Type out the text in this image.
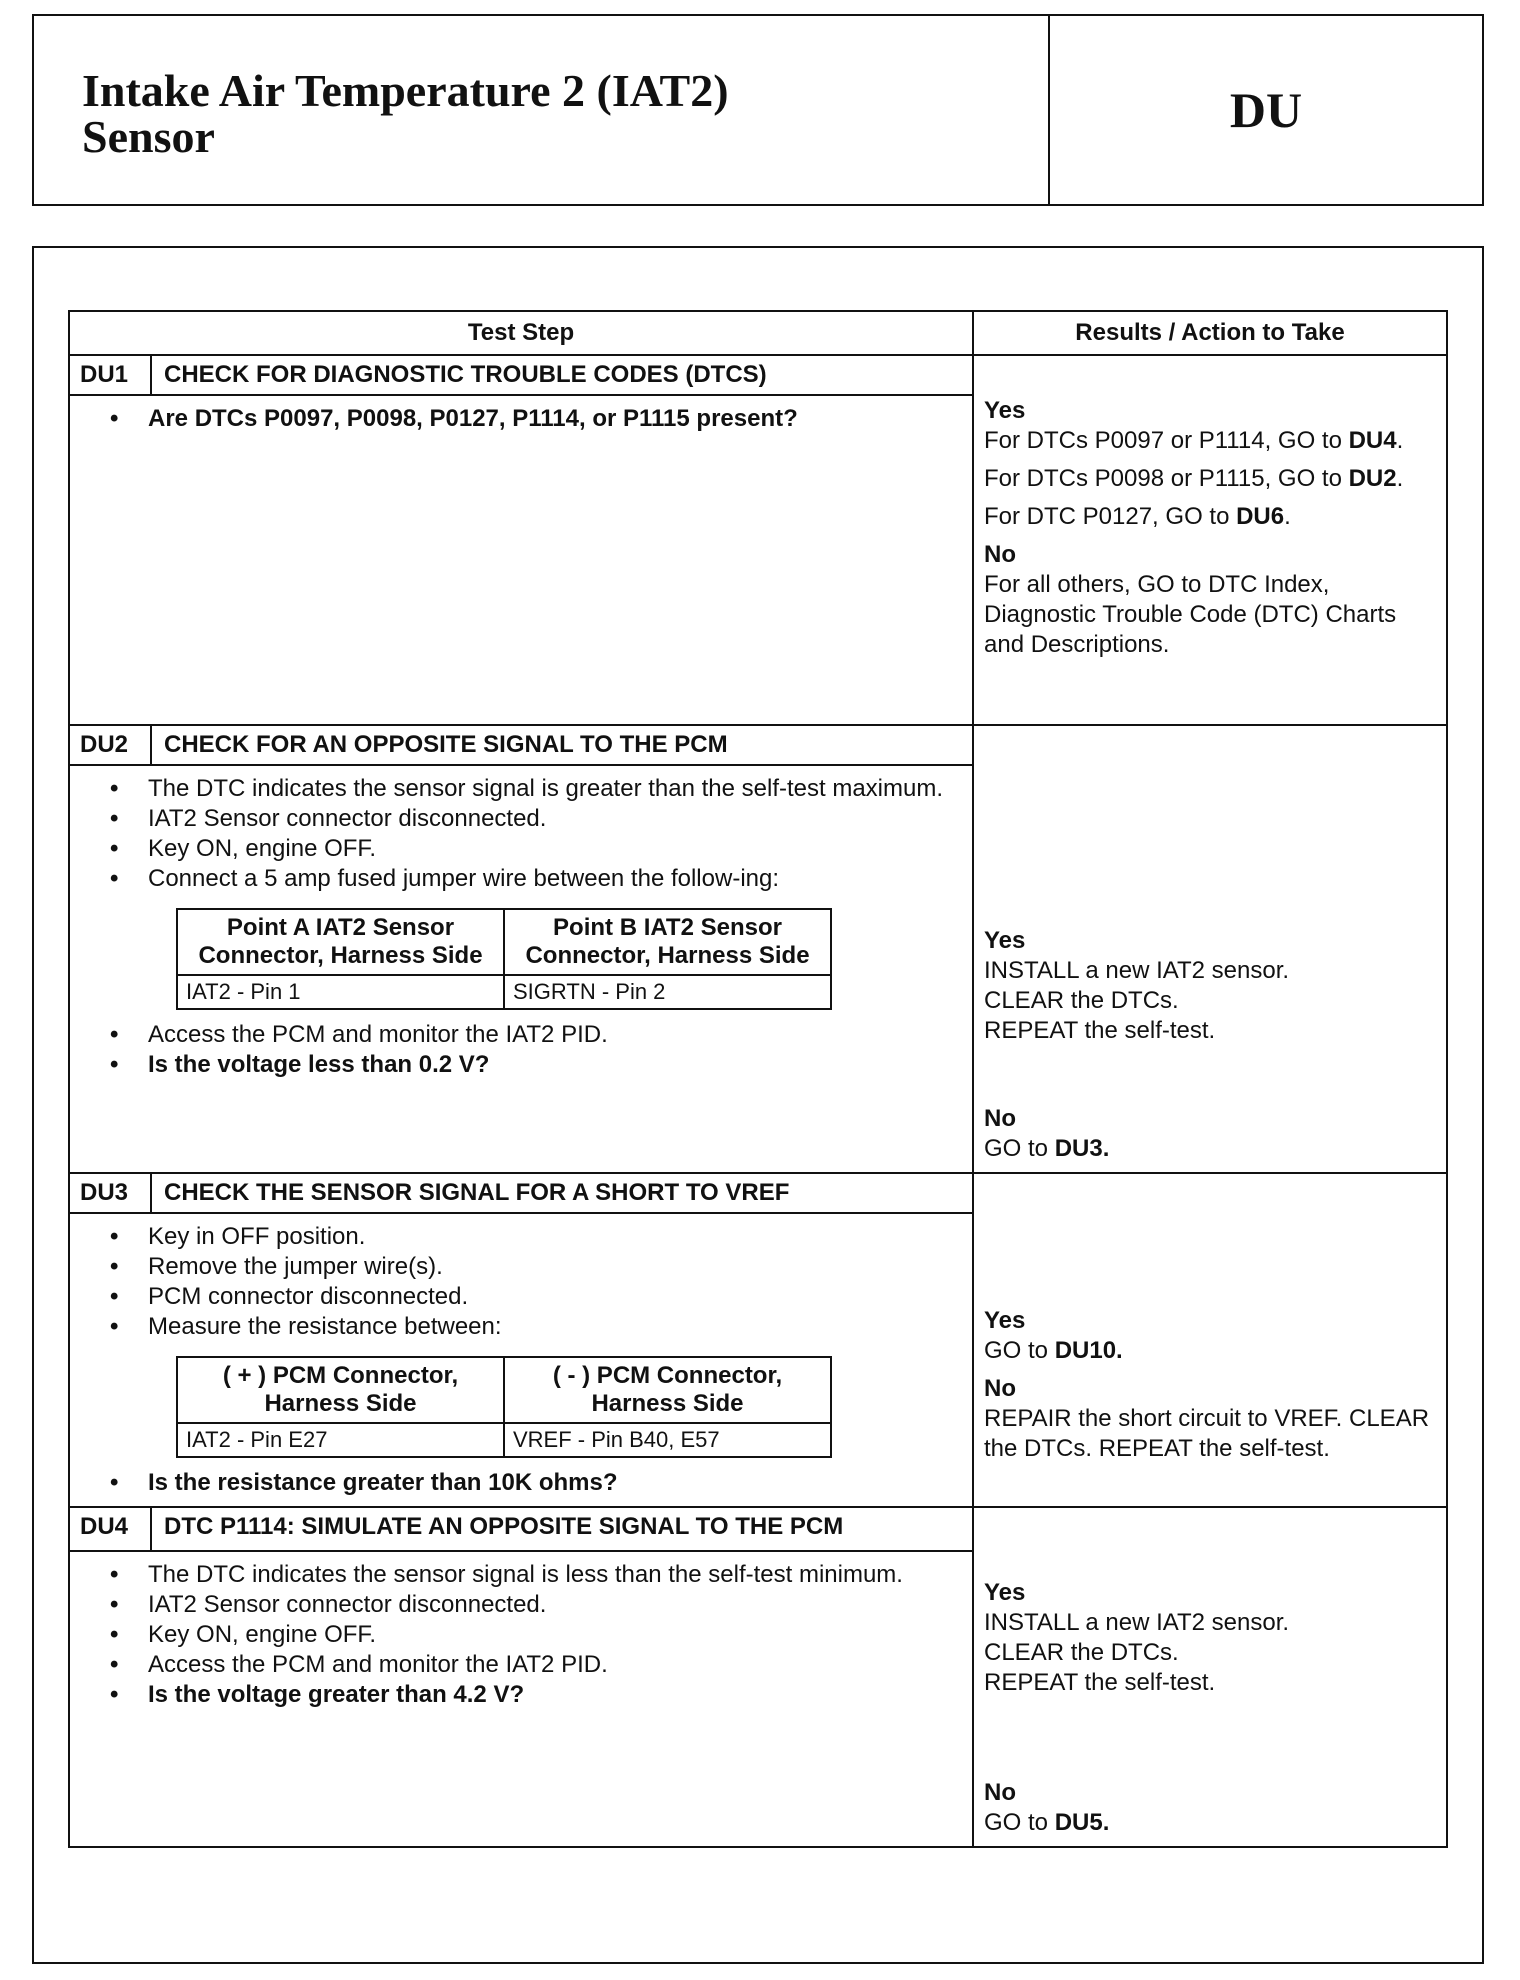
Intake Air Temperature 2 (IAT2)
Sensor	DU
Test Step	Results / Action to Take
DU1	CHECK FOR DIAGNOSTIC TROUBLE CODES (DTCS)	
Yes
For DTCs P0097 or P1114, GO to DU4.
For DTCs P0098 or P1115, GO to DU2.
For DTC P0127, GO to DU6.
No
For all others, GO to DTC Index, Diagnostic Trouble Code (DTC) Charts and Descriptions.

• Are DTCs P0097, P0098, P0127, P1114, or P1115 present?

DU2	CHECK FOR AN OPPOSITE SIGNAL TO THE PCM	
Yes
INSTALL a new IAT2 sensor.
CLEAR the DTCs.
REPEAT the self-test.
No
GO to DU3.

• The DTC indicates the sensor signal is greater than the self-test maximum.
• IAT2 Sensor connector disconnected.
• Key ON, engine OFF.
• Connect a 5 amp fused jumper wire between the follow-ing:
Point A IAT2 Sensor Connector, Harness Side	Point B IAT2 Sensor Connector, Harness Side
IAT2 - Pin 1	SIGRTN - Pin 2
• Access the PCM and monitor the IAT2 PID.
• Is the voltage less than 0.2 V?

DU3	CHECK THE SENSOR SIGNAL FOR A SHORT TO VREF	
Yes
GO to DU10.
No
REPAIR the short circuit to VREF. CLEAR the DTCs. REPEAT the self-test.

• Key in OFF position.
• Remove the jumper wire(s).
• PCM connector disconnected.
• Measure the resistance between:
( + ) PCM Connector, Harness Side	( - ) PCM Connector, Harness Side
IAT2 - Pin E27	VREF - Pin B40, E57
• Is the resistance greater than 10K ohms?

DU4	DTC P1114: SIMULATE AN OPPOSITE SIGNAL TO THE PCM	
Yes
INSTALL a new IAT2 sensor.
CLEAR the DTCs.
REPEAT the self-test.
No
GO to DU5.

• The DTC indicates the sensor signal is less than the self-test minimum.
• IAT2 Sensor connector disconnected.
• Key ON, engine OFF.
• Access the PCM and monitor the IAT2 PID.
• Is the voltage greater than 4.2 V?
